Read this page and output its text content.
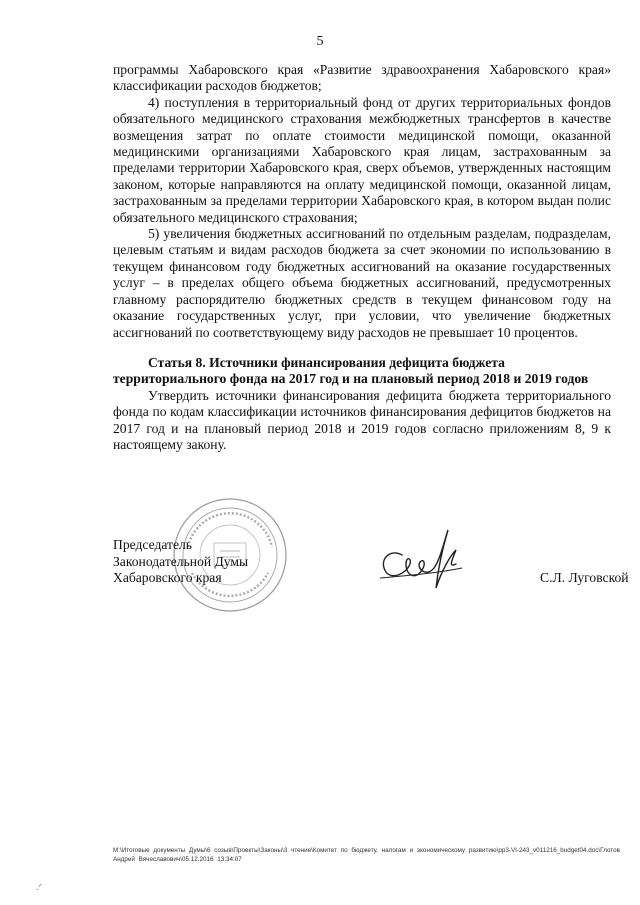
5

программы Хабаровского края «Развитие здравоохранения Хабаровского края» классификации расходов бюджетов;

4) поступления в территориальный фонд от других территориальных фондов обязательного медицинского страхования межбюджетных трансфертов в качестве возмещения затрат по оплате стоимости медицинской помощи, оказанной медицинскими организациями Хабаровского края лицам, застрахованным за пределами территории Хабаровского края, сверх объемов, утвержденных настоящим законом, которые направляются на оплату медицинской помощи, оказанной лицам, застрахованным за пределами территории Хабаровского края, в котором выдан полис обязательного медицинского страхования;

5) увеличения бюджетных ассигнований по отдельным разделам, подразделам, целевым статьям и видам расходов бюджета за счет экономии по использованию в текущем финансовом году бюджетных ассигнований на оказание государственных услуг – в пределах общего объема бюджетных ассигнований, предусмотренных главному распорядителю бюджетных средств в текущем финансовом году на оказание государственных услуг, при условии, что увеличение бюджетных ассигнований по соответствующему виду расходов не превышает 10 процентов.

Статья 8. Источники финансирования дефицита бюджета

территориального фонда на 2017 год и на плановый период 2018 и 2019 годов

Утвердить источники финансирования дефицита бюджета территориального фонда по кодам классификации источников финансирования дефицитов бюджетов на 2017 год и на плановый период 2018 и 2019 годов согласно приложениям 8, 9 к настоящему закону.

Председатель
Законодательной Думы
Хабаровского края	С.Л. Луговской
M:\Итоговые документы Думы\6 созыв\Проекты\Законы\3 чтение\Комитет по бюджету, налогам и экономическому развитию\pp3-VI-243_v011216_budget04.doc\Глотов Андрей Вячеславович\05.12.2016 13:34:07
.ᐟ
